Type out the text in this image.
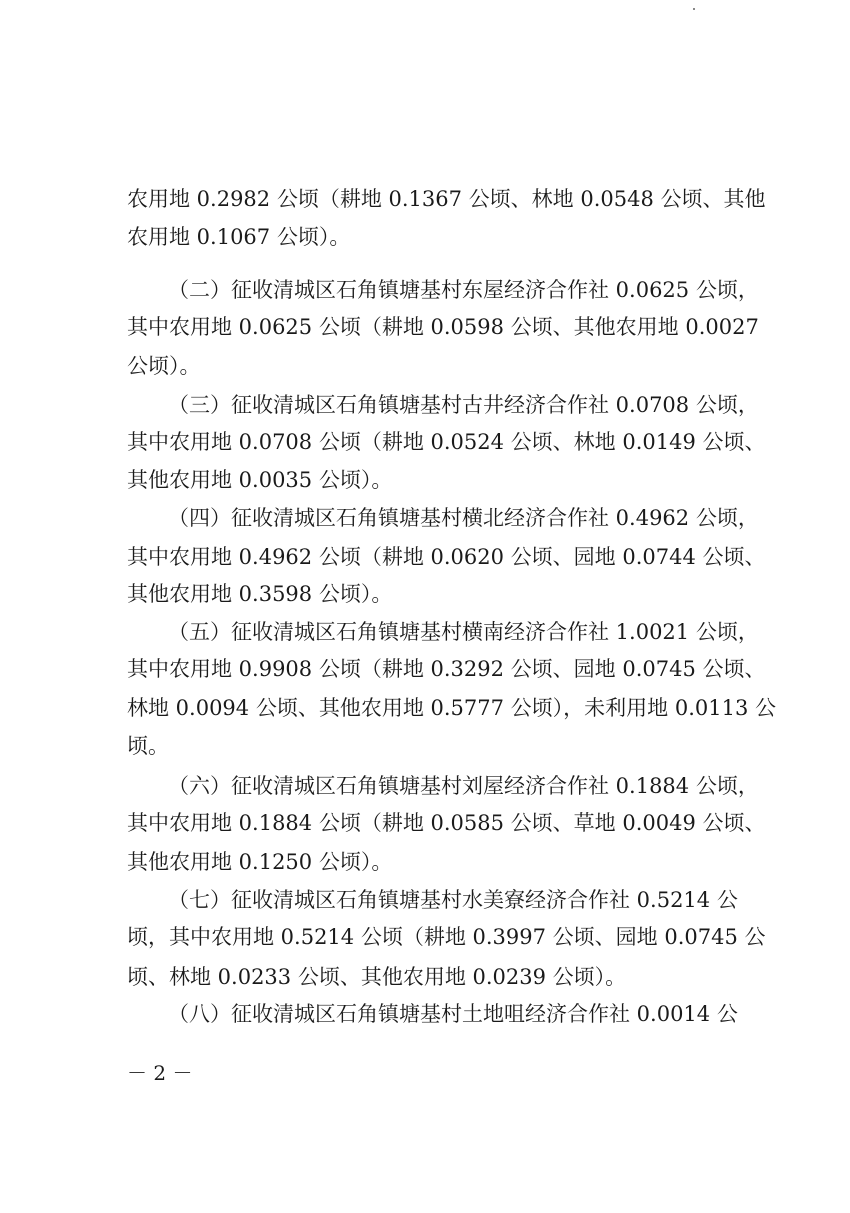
农用地 0.2982 公顷（耕地 0.1367 公顷、林地 0.0548 公顷、其他
农用地 0.1067 公顷）。
（二）征收清城区石角镇塘基村东屋经济合作社 0.0625 公顷，
其中农用地 0.0625 公顷（耕地 0.0598 公顷、其他农用地 0.0027
公顷）。
（三）征收清城区石角镇塘基村古井经济合作社 0.0708 公顷，
其中农用地 0.0708 公顷（耕地 0.0524 公顷、林地 0.0149 公顷、
其他农用地 0.0035 公顷）。
（四）征收清城区石角镇塘基村横北经济合作社 0.4962 公顷，
其中农用地 0.4962 公顷（耕地 0.0620 公顷、园地 0.0744 公顷、
其他农用地 0.3598 公顷）。
（五）征收清城区石角镇塘基村横南经济合作社 1.0021 公顷，
其中农用地 0.9908 公顷（耕地 0.3292 公顷、园地 0.0745 公顷、
林地 0.0094 公顷、其他农用地 0.5777 公顷），未利用地 0.0113 公
顷。
（六）征收清城区石角镇塘基村刘屋经济合作社 0.1884 公顷，
其中农用地 0.1884 公顷（耕地 0.0585 公顷、草地 0.0049 公顷、
其他农用地 0.1250 公顷）。
（七）征收清城区石角镇塘基村水美寮经济合作社 0.5214 公
顷，其中农用地 0.5214 公顷（耕地 0.3997 公顷、园地 0.0745 公
顷、林地 0.0233 公顷、其他农用地 0.0239 公顷）。
（八）征收清城区石角镇塘基村土地咀经济合作社 0.0014 公
－ 2 －
